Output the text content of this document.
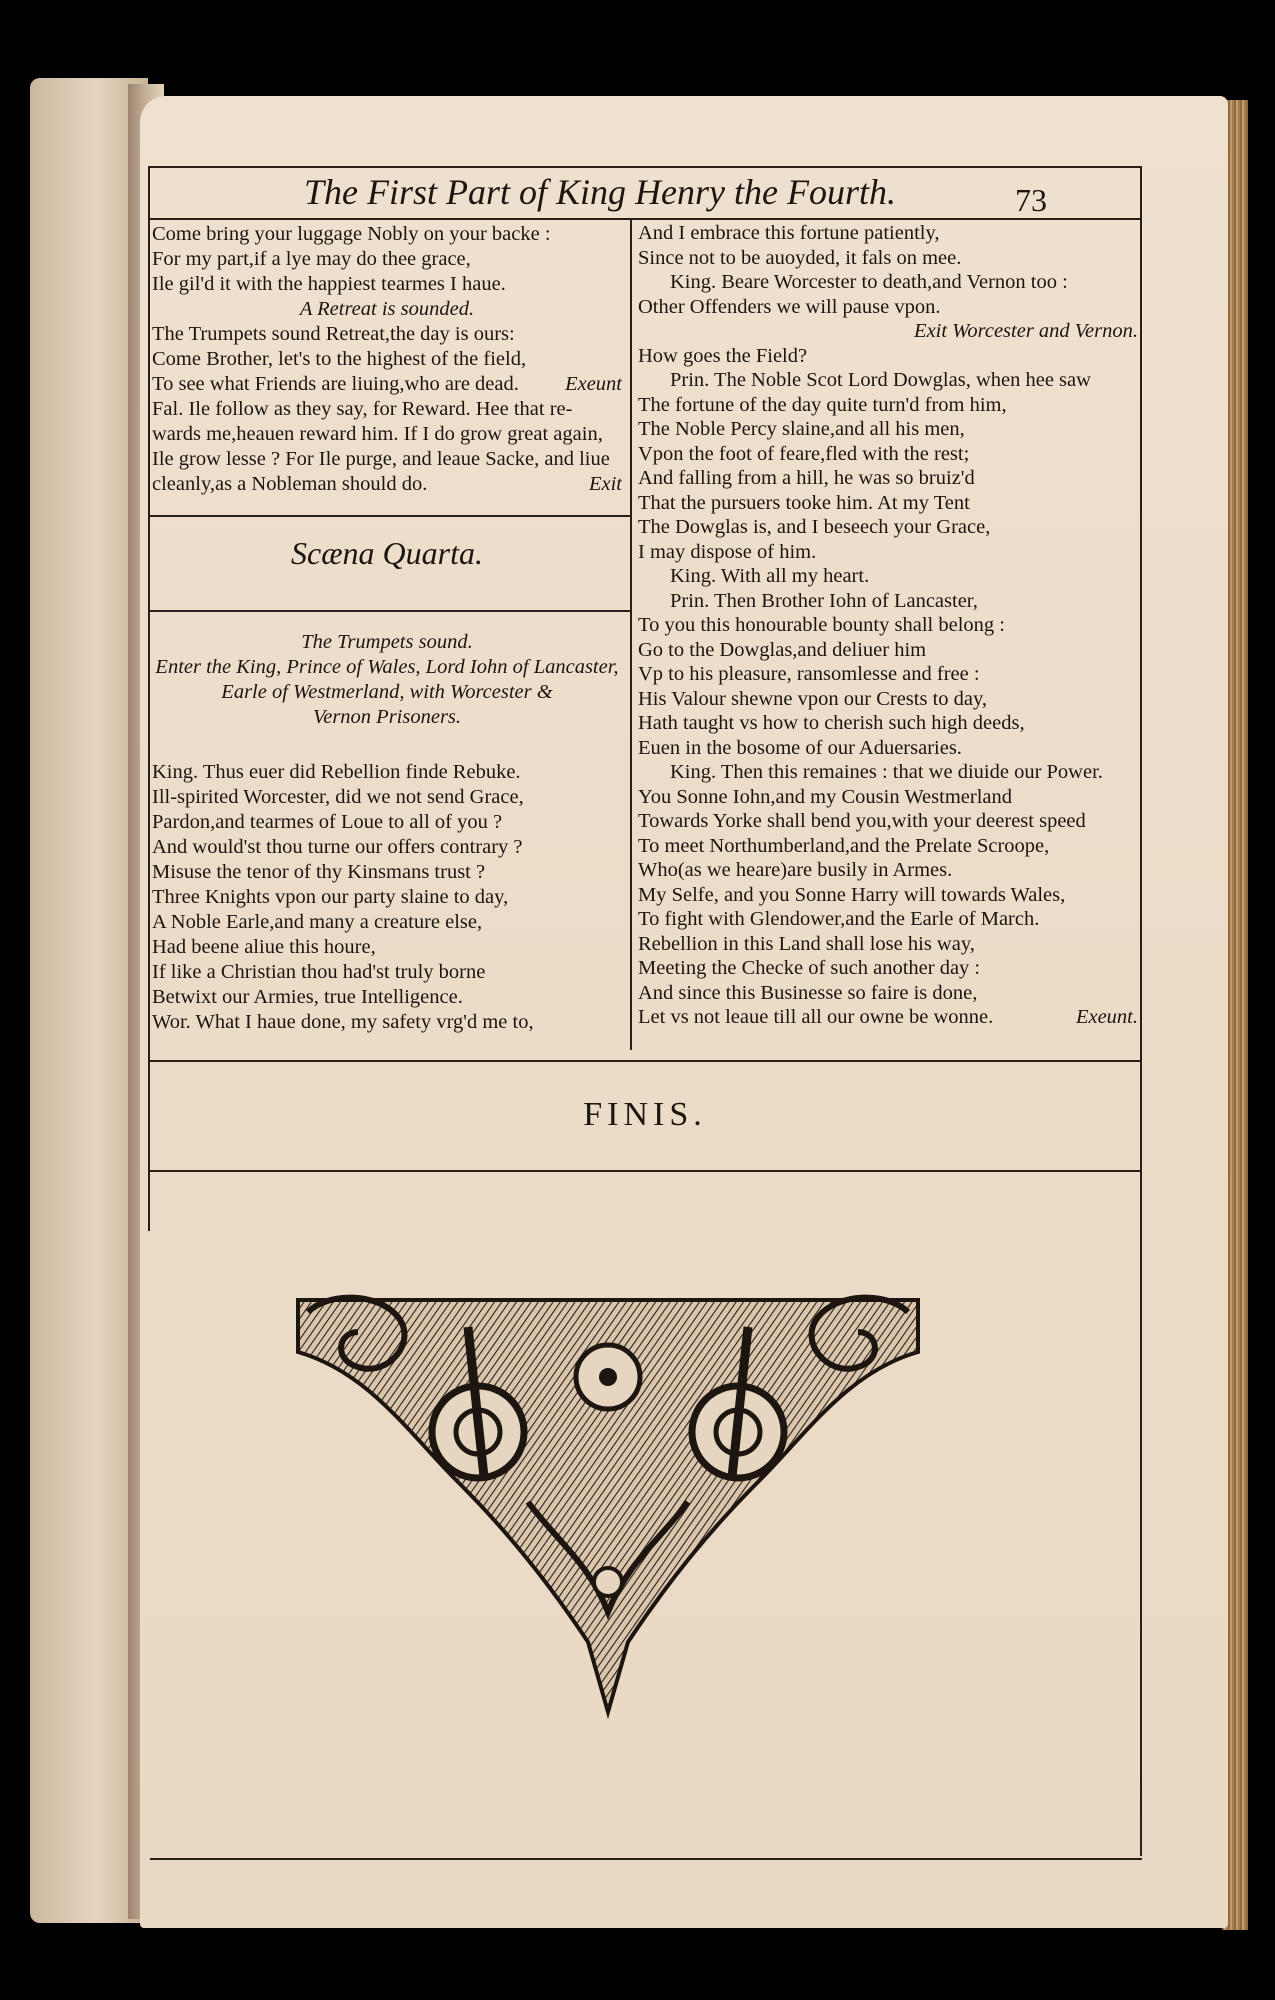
The First Part of King Henry the Fourth.	73
Come bring your luggage Nobly on your backe :
For my part,if a lye may do thee grace,
Ile gil'd it with the happiest tearmes I haue.
A Retreat is sounded.
The Trumpets sound Retreat,the day is ours:
Come Brother, let's to the highest of the field,
To see what Friends are liuing,who are dead. Exeunt
Fal. Ile follow as they say, for Reward. Hee that re-
wards me,heauen reward him. If I do grow great again,
Ile grow lesse ? For Ile purge, and leaue Sacke, and liue
cleanly,as a Nobleman should do.	Exit
Scæna Quarta.
The Trumpets sound.
Enter the King, Prince of Wales, Lord Iohn of Lancaster,
Earle of Westmerland, with Worcester &
Vernon Prisoners.
King. Thus euer did Rebellion finde Rebuke.
Ill-spirited Worcester, did we not send Grace,
Pardon,and tearmes of Loue to all of you ?
And would'st thou turne our offers contrary ?
Misuse the tenor of thy Kinsmans trust ?
Three Knights vpon our party slaine to day,
A Noble Earle,and many a creature else,
Had beene aliue this houre,
If like a Christian thou had'st truly borne
Betwixt our Armies, true Intelligence.
Wor. What I haue done, my safety vrg'd me to,
And I embrace this fortune patiently,
Since not to be auoyded, it fals on mee.
King. Beare Worcester to death,and Vernon too :
Other Offenders we will pause vpon.
Exit Worcester and Vernon.
How goes the Field?
Prin. The Noble Scot Lord Dowglas, when hee saw
The fortune of the day quite turn'd from him,
The Noble Percy slaine,and all his men,
Vpon the foot of feare,fled with the rest;
And falling from a hill, he was so bruiz'd
That the pursuers tooke him. At my Tent
The Dowglas is, and I beseech your Grace,
I may dispose of him.
King. With all my heart.
Prin. Then Brother Iohn of Lancaster,
To you this honourable bounty shall belong :
Go to the Dowglas,and deliuer him
Vp to his pleasure, ransomlesse and free :
His Valour shewne vpon our Crests to day,
Hath taught vs how to cherish such high deeds,
Euen in the bosome of our Aduersaries.
King. Then this remaines : that we diuide our Power.
You Sonne Iohn,and my Cousin Westmerland
Towards Yorke shall bend you,with your deerest speed
To meet Northumberland,and the Prelate Scroope,
Who(as we heare)are busily in Armes.
My Selfe, and you Sonne Harry will towards Wales,
To fight with Glendower,and the Earle of March.
Rebellion in this Land shall lose his way,
Meeting the Checke of such another day :
And since this Businesse so faire is done,
Let vs not leaue till all our owne be wonne.	Exeunt.
FINIS.
